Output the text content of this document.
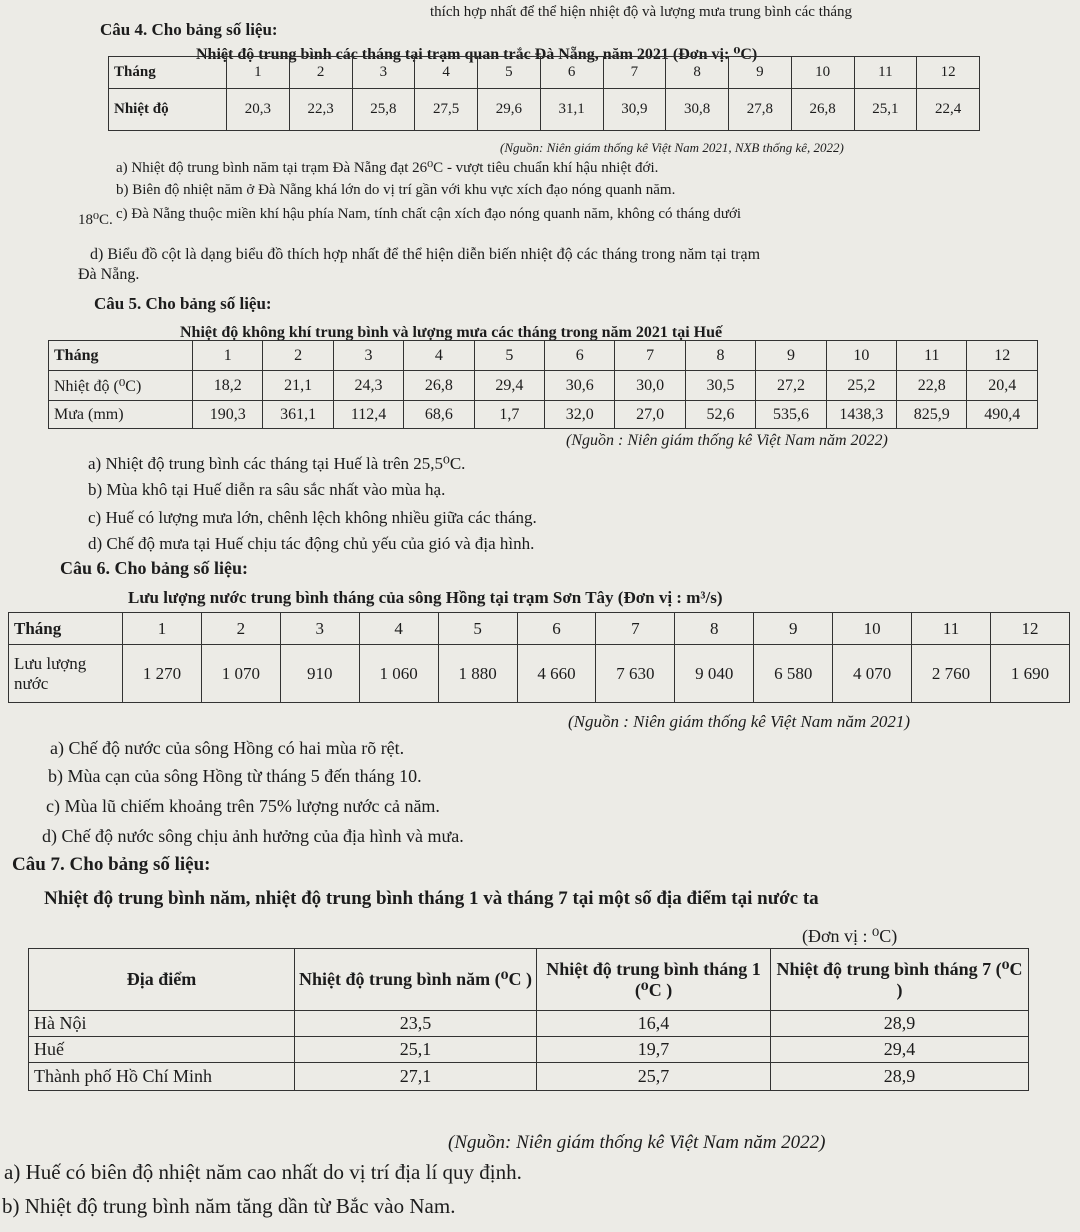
thích hợp nhất để thể hiện nhiệt độ và lượng mưa trung bình các tháng
Câu 4. Cho bảng số liệu:
Nhiệt độ trung bình các tháng tại trạm quan trắc Đà Nẵng, năm 2021 (Đơn vị: ⁰C)
Tháng	1	2	3	4	5	6	7	8	9	10	11	12
Nhiệt độ	20,3	22,3	25,8	27,5	29,6	31,1	30,9	30,8	27,8	26,8	25,1	22,4
(Nguồn: Niên giám thống kê Việt Nam 2021, NXB thống kê, 2022)
a) Nhiệt độ trung bình năm tại trạm Đà Nẵng đạt 26⁰C - vượt tiêu chuẩn khí hậu nhiệt đới.
b) Biên độ nhiệt năm ở Đà Nẵng khá lớn do vị trí gần với khu vực xích đạo nóng quanh năm.
c) Đà Nẵng thuộc miền khí hậu phía Nam, tính chất cận xích đạo nóng quanh năm, không có tháng dưới
18⁰C.
d) Biểu đồ cột là dạng biểu đồ thích hợp nhất để thể hiện diễn biến nhiệt độ các tháng trong năm tại trạm
Đà Nẵng.
Câu 5. Cho bảng số liệu:
Nhiệt độ không khí trung bình và lượng mưa các tháng trong năm 2021 tại Huế
Tháng	1	2	3	4	5	6	7	8	9	10	11	12
Nhiệt độ (⁰C)	18,2	21,1	24,3	26,8	29,4	30,6	30,0	30,5	27,2	25,2	22,8	20,4
Mưa (mm)	190,3	361,1	112,4	68,6	1,7	32,0	27,0	52,6	535,6	1438,3	825,9	490,4
(Nguồn : Niên giám thống kê Việt Nam năm 2022)
a) Nhiệt độ trung bình các tháng tại Huế là trên 25,5⁰C.
b) Mùa khô tại Huế diễn ra sâu sắc nhất vào mùa hạ.
c) Huế có lượng mưa lớn, chênh lệch không nhiều giữa các tháng.
d) Chế độ mưa tại Huế chịu tác động chủ yếu của gió và địa hình.
Câu 6. Cho bảng số liệu:
Lưu lượng nước trung bình tháng của sông Hồng tại trạm Sơn Tây (Đơn vị : m³/s)
Tháng	1	2	3	4	5	6	7	8	9	10	11	12
Lưu lượng nước	1 270	1 070	910	1 060	1 880	4 660	7 630	9 040	6 580	4 070	2 760	1 690
(Nguồn : Niên giám thống kê Việt Nam năm 2021)
a) Chế độ nước của sông Hồng có hai mùa rõ rệt.
b) Mùa cạn của sông Hồng từ tháng 5 đến tháng 10.
c) Mùa lũ chiếm khoảng trên 75% lượng nước cả năm.
d) Chế độ nước sông chịu ảnh hưởng của địa hình và mưa.
Câu 7. Cho bảng số liệu:
Nhiệt độ trung bình năm, nhiệt độ trung bình tháng 1 và tháng 7 tại một số địa điểm tại nước ta
(Đơn vị : ⁰C)
Địa điểm	Nhiệt độ trung bình năm (⁰C )	Nhiệt độ trung bình tháng 1 (⁰C )	Nhiệt độ trung bình tháng 7 (⁰C )
Hà Nội	23,5	16,4	28,9
Huế	25,1	19,7	29,4
Thành phố Hồ Chí Minh	27,1	25,7	28,9
(Nguồn: Niên giám thống kê Việt Nam năm 2022)
a) Huế có biên độ nhiệt năm cao nhất do vị trí địa lí quy định.
b) Nhiệt độ trung bình năm tăng dần từ Bắc vào Nam.
